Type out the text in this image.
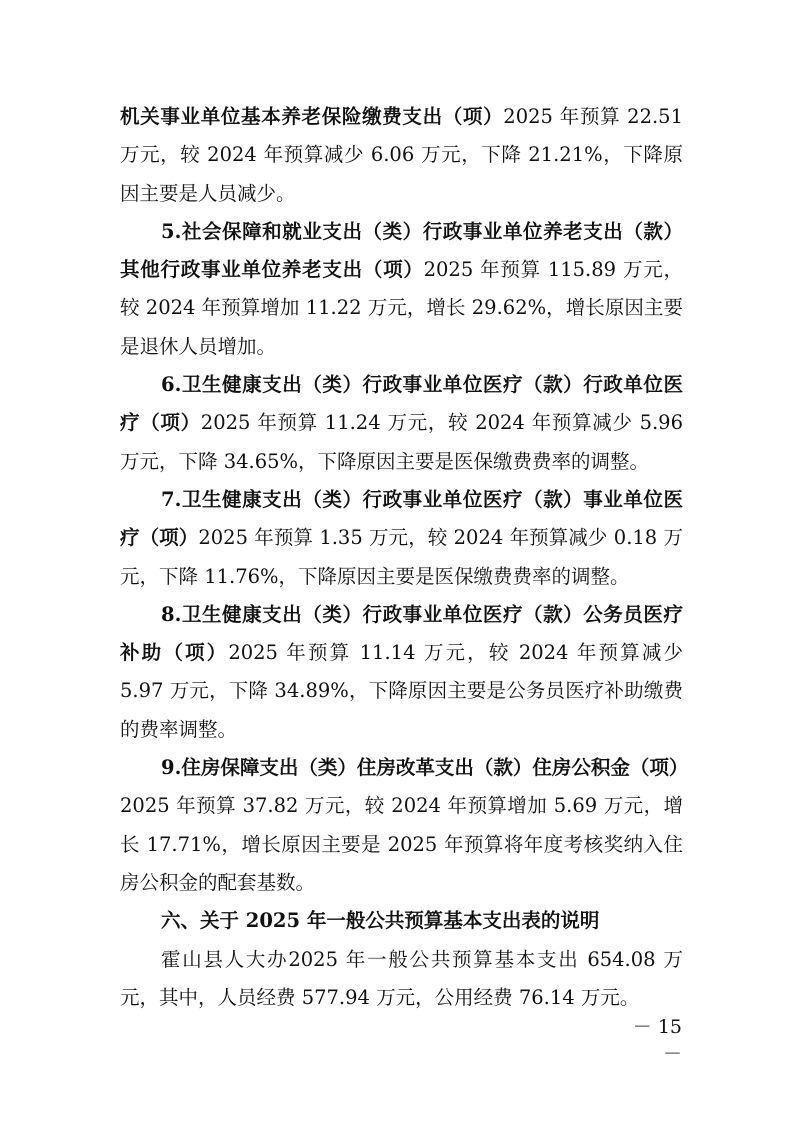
机关事业单位基本养老保险缴费支出（项）2025 年预算 22.51 万元，较 2024 年预算减少 6.06 万元，下降 21.21%，下降原因主要是人员减少。

5.社会保障和就业支出（类）行政事业单位养老支出（款）其他行政事业单位养老支出（项）2025 年预算 115.89 万元，较 2024 年预算增加 11.22 万元，增长 29.62%，增长原因主要是退休人员增加。

6.卫生健康支出（类）行政事业单位医疗（款）行政单位医疗（项）2025 年预算 11.24 万元，较 2024 年预算减少 5.96 万元，下降 34.65%，下降原因主要是医保缴费费率的调整。

7.卫生健康支出（类）行政事业单位医疗（款）事业单位医疗（项）2025 年预算 1.35 万元，较 2024 年预算减少 0.18 万元，下降 11.76%，下降原因主要是医保缴费费率的调整。

8.卫生健康支出（类）行政事业单位医疗（款）公务员医疗补助（项）2025 年预算 11.14 万元，较 2024 年预算减少 5.97 万元，下降 34.89%，下降原因主要是公务员医疗补助缴费的费率调整。

9.住房保障支出（类）住房改革支出（款）住房公积金（项）2025 年预算 37.82 万元，较 2024 年预算增加 5.69 万元，增长 17.71%，增长原因主要是 2025 年预算将年度考核奖纳入住房公积金的配套基数。

六、关于 2025 年一般公共预算基本支出表的说明

霍山县人大办2025 年一般公共预算基本支出 654.08 万元，其中，人员经费 577.94 万元，公用经费 76.14 万元。

－ 15 －
